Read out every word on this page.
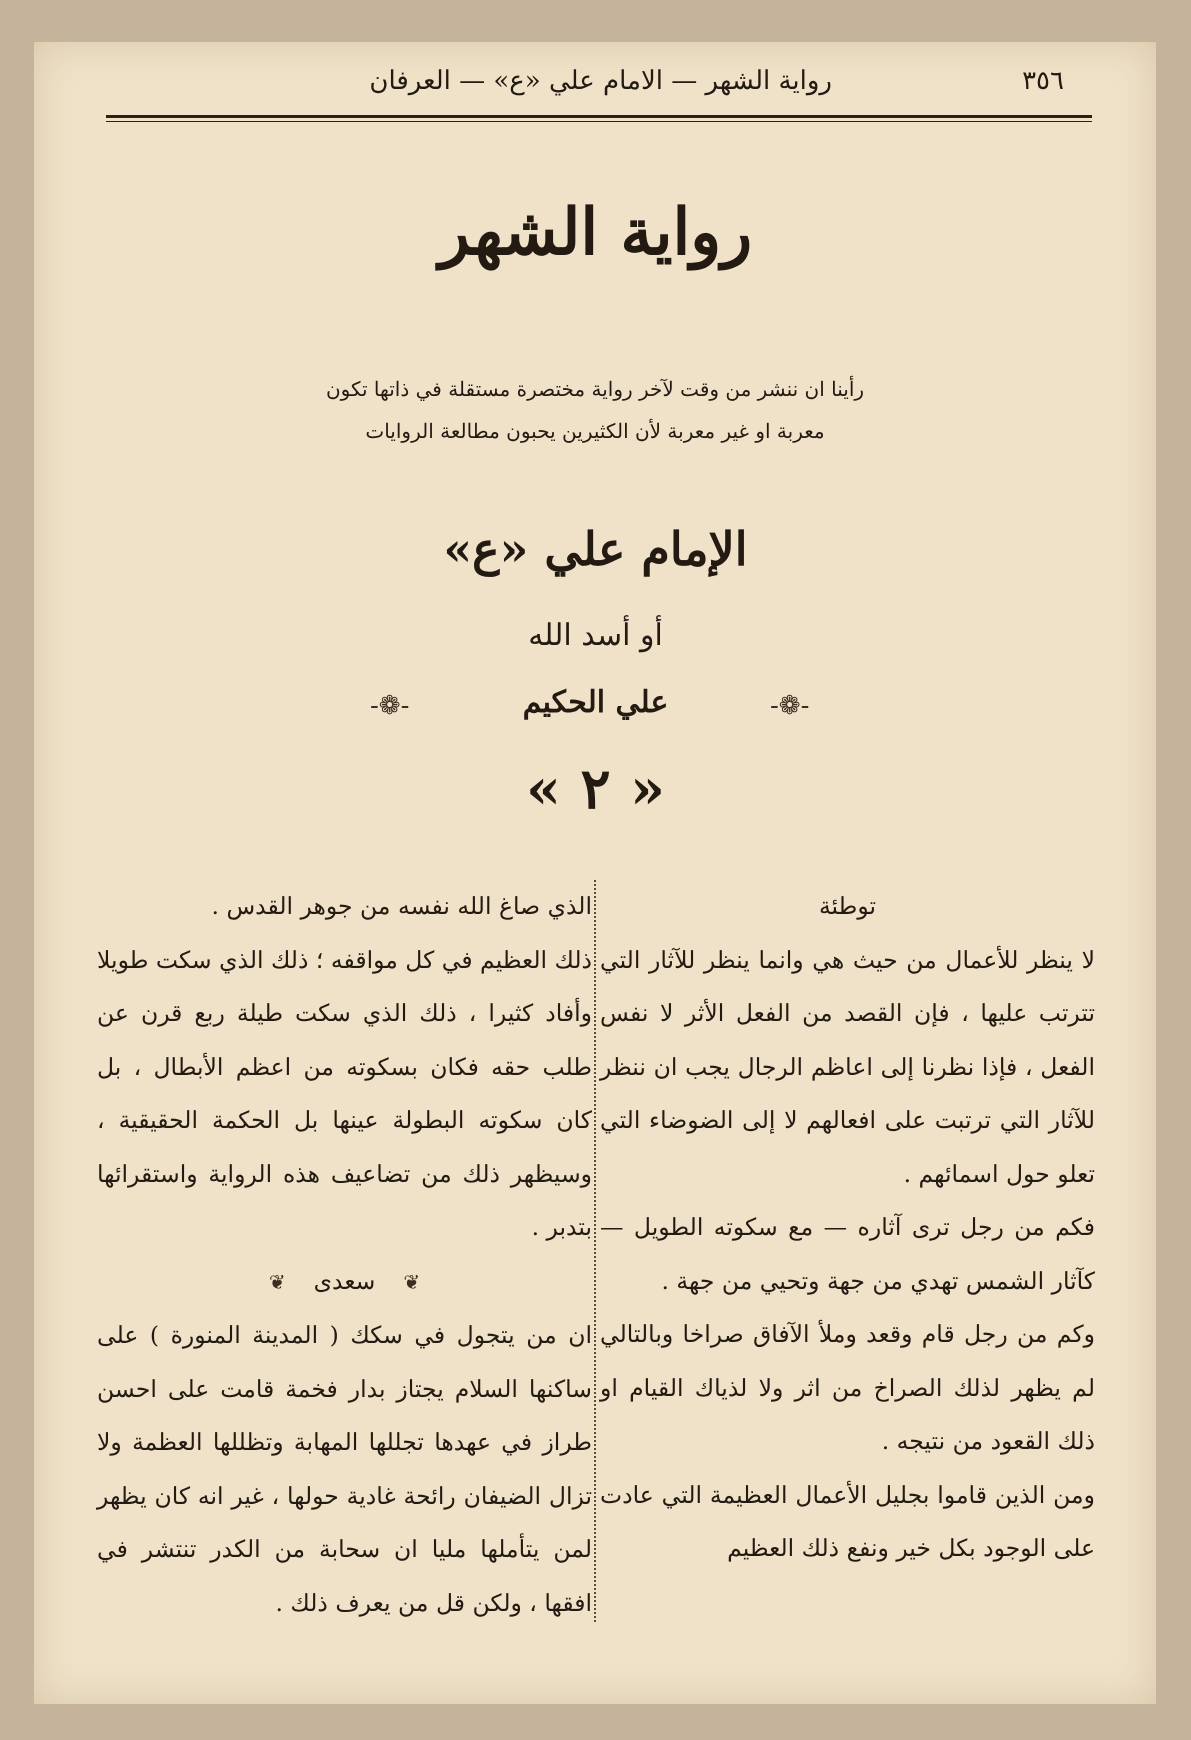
٣٥٦
رواية الشهر — الامام علي «ع» — العرفان
رواية الشهر
رأينا ان ننشر من وقت لآخر رواية مختصرة مستقلة في ذاتها تكون
معربة او غير معربة لأن الكثيرين يحبون مطالعة الروايات
الإمام علي «ع»
أو أسد الله
-❁-	علي الحكيم	-❁-
« ٢ »

توطئة

لا ينظر للأعمال من حيث هي وانما ينظر للآثار التي تترتب عليها ، فإن القصد من الفعل الأثر لا نفس الفعل ، فإذا نظرنا إلى اعاظم الرجال يجب ان ننظر للآثار التي ترتبت على افعالهم لا إلى الضوضاء التي تعلو حول اسمائهم .

فكم من رجل ترى آثاره — مع سكوته الطويل — كآثار الشمس تهدي من جهة وتحيي من جهة .

وكم من رجل قام وقعد وملأ الآفاق صراخا وبالتالي لم يظهر لذلك الصراخ من اثر ولا لذياك القيام او ذلك القعود من نتيجه .

ومن الذين قاموا بجليل الأعمال العظيمة التي عادت على الوجود بكل خير ونفع ذلك العظيم

الذي صاغ الله نفسه من جوهر القدس .

ذلك العظيم في كل مواقفه ؛ ذلك الذي سكت طويلا وأفاد كثيرا ، ذلك الذي سكت طيلة ربع قرن عن طلب حقه فكان بسكوته من اعظم الأبطال ، بل كان سكوته البطولة عينها بل الحكمة الحقيقية ، وسيظهر ذلك من تضاعيف هذه الرواية واستقرائها بتدبر .

❦سعدى❦

ان من يتجول في سكك ( المدينة المنورة ) على ساكنها السلام يجتاز بدار فخمة قامت على احسن طراز في عهدها تجللها المهابة وتظللها العظمة ولا تزال الضيفان رائحة غادية حولها ، غير انه كان يظهر لمن يتأملها مليا ان سحابة من الكدر تنتشر في افقها ، ولكن قل من يعرف ذلك .
